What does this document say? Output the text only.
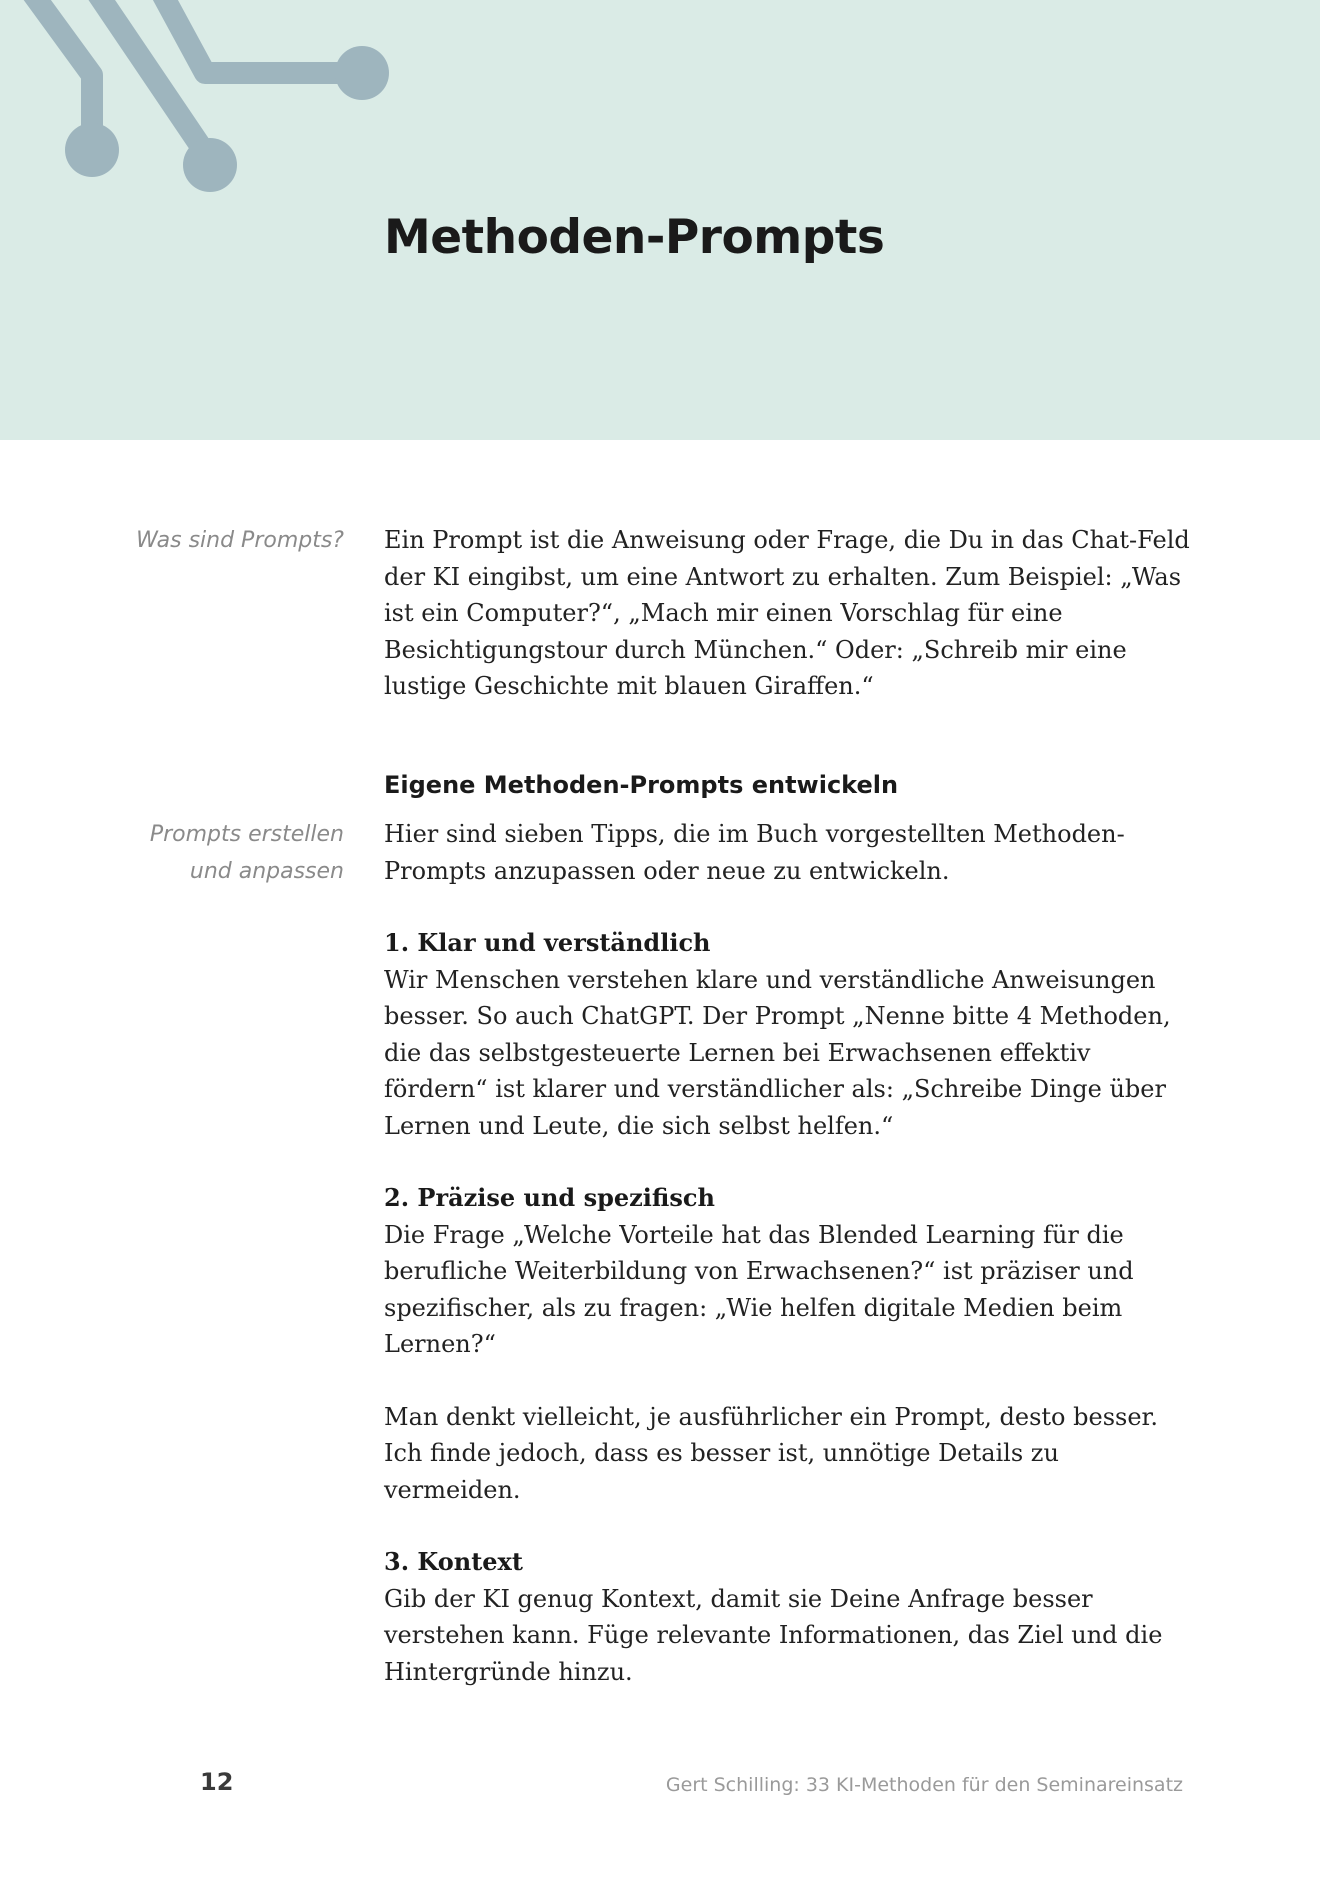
Methoden-Prompts
Was sind Prompts?
Prompts erstellen
und anpassen

Ein Prompt ist die Anweisung oder Frage, die Du in das Chat-Feld der KI eingibst, um eine Antwort zu erhalten. Zum Beispiel: „Was ist ein Computer?“, „Mach mir einen Vorschlag für eine Besichtigungstour durch München.“ Oder: „Schreib mir eine lustige Geschichte mit blauen Giraffen.“

Eigene Methoden-Prompts entwickeln

Hier sind sieben Tipps, die im Buch vorgestellten Methoden-Prompts anzupassen oder neue zu entwickeln.

1. Klar und verständlich

Wir Menschen verstehen klare und verständliche Anweisungen besser. So auch ChatGPT. Der Prompt „Nenne bitte 4 Methoden, die das selbstgesteuerte Lernen bei Erwachsenen effektiv fördern“ ist klarer und verständlicher als: „Schreibe Dinge über Lernen und Leute, die sich selbst helfen.“

2. Präzise und spezifisch

Die Frage „Welche Vorteile hat das Blended Learning für die berufliche Weiterbildung von Erwachsenen?“ ist präziser und spezifischer, als zu fragen: „Wie helfen digitale Medien beim Lernen?“

Man denkt vielleicht, je ausführlicher ein Prompt, desto besser. Ich finde jedoch, dass es besser ist, unnötige Details zu vermeiden.

3. Kontext

Gib der KI genug Kontext, damit sie Deine Anfrage besser verstehen kann. Füge relevante Informationen, das Ziel und die Hintergründe hinzu.

12	Gert Schilling: 33 KI-Methoden für den Seminareinsatz
